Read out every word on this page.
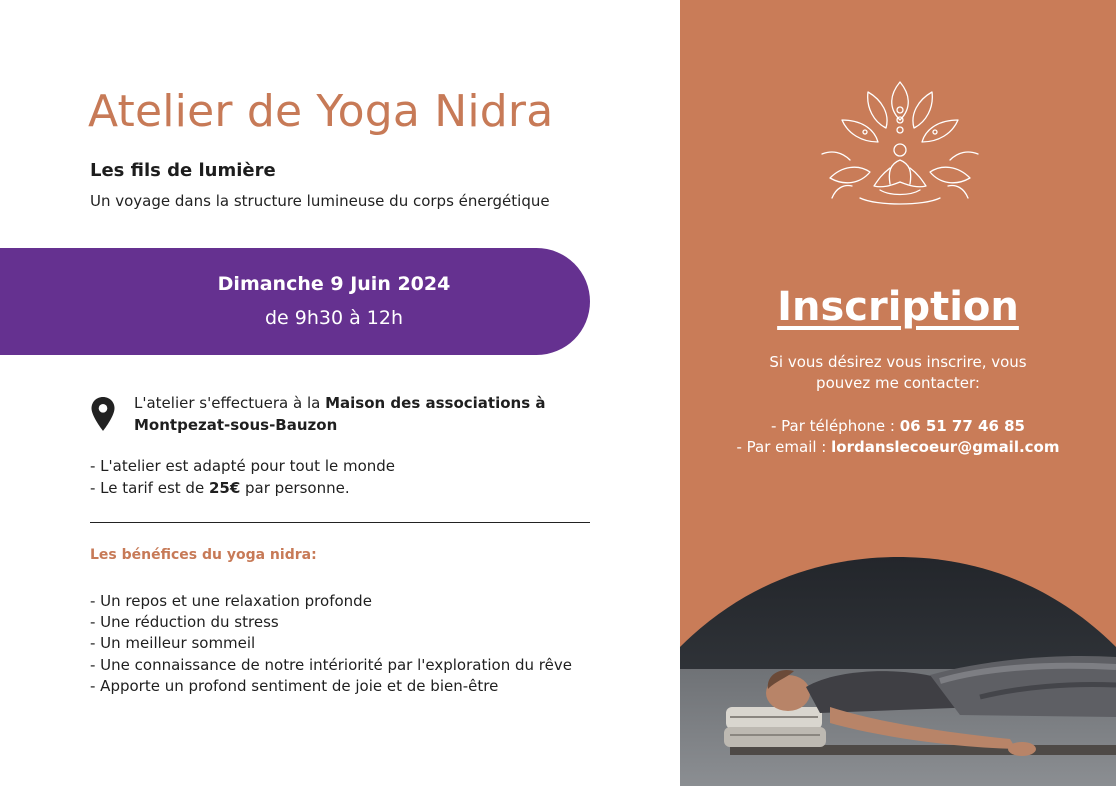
Atelier de Yoga Nidra

Les fils de lumière

Un voyage dans la structure lumineuse du corps énergétique

Dimanche 9 Juin 2024
de 9h30 à 12h

L'atelier s'effectuera à la Maison des associations à Montpezat-sous-Bauzon

- L'atelier est adapté pour tout le monde
- Le tarif est de 25€ par personne.

Les bénéfices du yoga nidra:

- Un repos et une relaxation profonde
- Une réduction du stress
- Un meilleur sommeil
- Une connaissance de notre intériorité par l'exploration du rêve
- Apporte un profond sentiment de joie et de bien-être
Inscription

Si vous désirez vous inscrire, vous

pouvez me contacter:

- Par téléphone : 06 51 77 46 85

- Par email : lordanslecoeur@gmail.com
